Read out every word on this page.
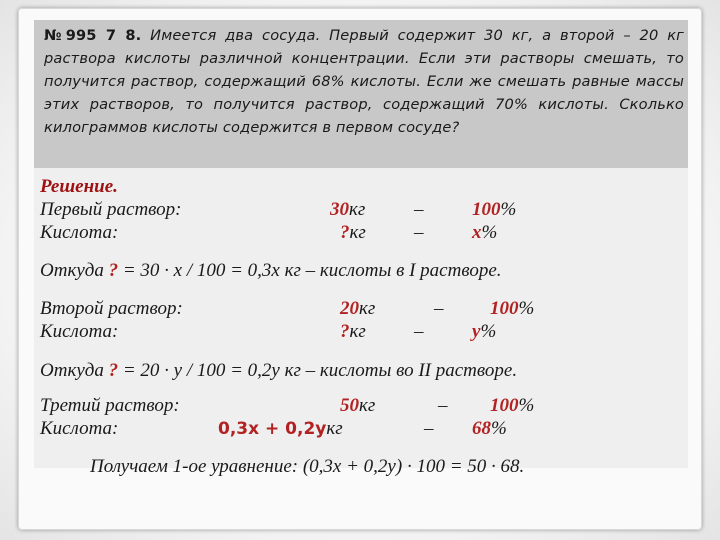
№995 7 8. Имеется два сосуда. Первый содержит 30 кг, а второй – 20 кг раствора кислоты различной концентрации. Если эти растворы смешать, то получится раствор, содержащий 68% кислоты. Если же смешать равные массы этих растворов, то получится раствор, содержащий 70% кислоты. Сколько килограммов кислоты содержится в первом сосуде?
Решение.
Первый раствор:	30кг	–	100%
Кислота:	?кг	–	x%
Откуда ? = 30 · x / 100 = 0,3x кг – кислоты в I растворе.
Второй раствор:	20кг	– 100%
Кислота:	?кг	–	y%
Откуда ? = 20 · y / 100 = 0,2y кг – кислоты во II растворе.
Третий раствор:	50кг	– 100%
Кислота:	0,3x + 0,2yкг	– 68%
Получаем 1-ое уравнение: (0,3x + 0,2y) · 100 = 50 · 68.
